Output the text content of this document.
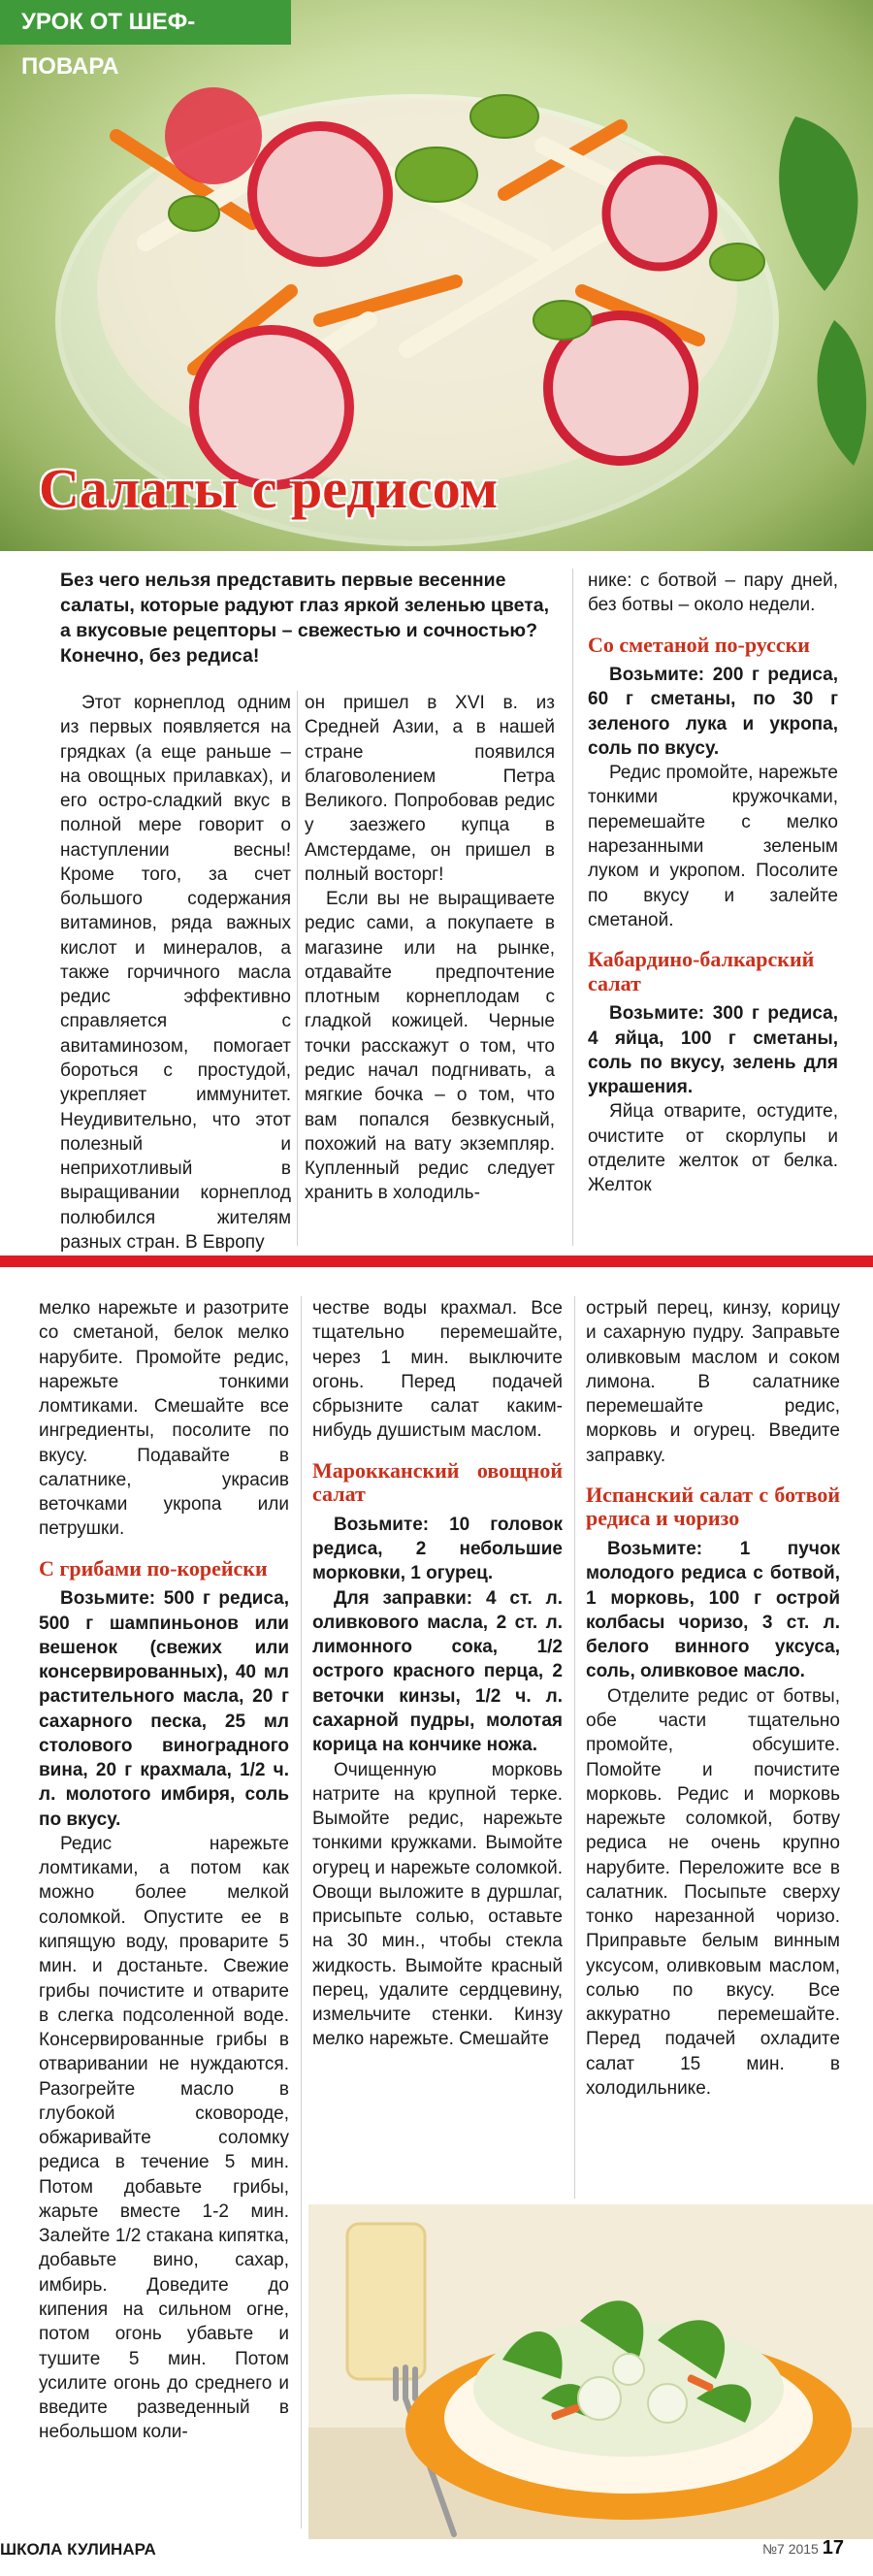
УРОК ОТ ШЕФ-ПОВАРА
Салаты с редисом
Без чего нельзя представить первые весенние салаты, которые радуют глаз яркой зеленью цвета, а вкусовые рецепторы – свежестью и сочностью? Конечно, без редиса!

Этот корнеплод одним из первых появляется на грядках (а еще раньше – на овощных прилавках), и его остро-сладкий вкус в полной мере говорит о наступлении весны! Кроме того, за счет большого содержания витаминов, ряда важных кислот и минералов, а также горчичного масла редис эффективно справляется с авитаминозом, помогает бороться с простудой, укрепляет иммунитет. Неудивительно, что этот полезный и неприхотливый в выращивании корнеплод полюбился жителям разных стран. В Европу

он пришел в XVI в. из Средней Азии, а в нашей стране появился благоволением Петра Великого. Попробовав редис у заезжего купца в Амстердаме, он пришел в полный восторг!

Если вы не выращиваете редис сами, а покупаете в магазине или на рынке, отдавайте предпочтение плотным корнеплодам с гладкой кожицей. Черные точки расскажут о том, что редис начал подгнивать, а мягкие бочка – о том, что вам попался безвкусный, похожий на вату экземпляр. Купленный редис следует хранить в холодиль-

нике: с ботвой – пару дней, без ботвы – около недели.

Со сметаной по-русски

Возьмите: 200 г редиса, 60 г сметаны, по 30 г зеленого лука и укропа, соль по вкусу.

Редис промойте, нарежьте тонкими кружочками, перемешайте с мелко нарезанными зеленым луком и укропом. Посолите по вкусу и залейте сметаной.

Кабардино-балкарский салат

Возьмите: 300 г редиса, 4 яйца, 100 г сметаны, соль по вкусу, зелень для украшения.

Яйца отварите, остудите, очистите от скорлупы и отделите желток от белка. Желток

мелко нарежьте и разотрите со сметаной, белок мелко нарубите. Промойте редис, нарежьте тонкими ломтиками. Смешайте все ингредиенты, посолите по вкусу. Подавайте в салатнике, украсив веточками укропа или петрушки.

С грибами по-корейски

Возьмите: 500 г редиса, 500 г шампиньонов или вешенок (свежих или консервированных), 40 мл растительного масла, 20 г сахарного песка, 25 мл столового виноградного вина, 20 г крахмала, 1/2 ч. л. молотого имбиря, соль по вкусу.

Редис нарежьте ломтиками, а потом как можно более мелкой соломкой. Опустите ее в кипящую воду, проварите 5 мин. и достаньте. Свежие грибы почистите и отварите в слегка подсоленной воде. Консервированные грибы в отваривании не нуждаются. Разогрейте масло в глубокой сковороде, обжаривайте соломку редиса в течение 5 мин. Потом добавьте грибы, жарьте вместе 1-2 мин. Залейте 1/2 стакана кипятка, добавьте вино, сахар, имбирь. Доведите до кипения на сильном огне, потом огонь убавьте и тушите 5 мин. Потом усилите огонь до среднего и введите разведенный в небольшом коли-

честве воды крахмал. Все тщательно перемешайте, через 1 мин. выключите огонь. Перед подачей сбрызните салат каким-нибудь душистым маслом.

Марокканский овощной салат

Возьмите: 10 головок редиса, 2 небольшие морковки, 1 огурец.

Для заправки: 4 ст. л. оливкового масла, 2 ст. л. лимонного сока, 1/2 острого красного перца, 2 веточки кинзы, 1/2 ч. л. сахарной пудры, молотая корица на кончике ножа.

Очищенную морковь натрите на крупной терке. Вымойте редис, нарежьте тонкими кружками. Вымойте огурец и нарежьте соломкой. Овощи выложите в дуршлаг, присыпьте солью, оставьте на 30 мин., чтобы стекла жидкость. Вымойте красный перец, удалите сердцевину, измельчите стенки. Кинзу мелко нарежьте. Смешайте

острый перец, кинзу, корицу и сахарную пудру. Заправьте оливковым маслом и соком лимона. В салатнике перемешайте редис, морковь и огурец. Введите заправку.

Испанский салат с ботвой редиса и чоризо

Возьмите: 1 пучок молодого редиса с ботвой, 1 морковь, 100 г острой колбасы чоризо, 3 ст. л. белого винного уксуса, соль, оливковое масло.

Отделите редис от ботвы, обе части тщательно промойте, обсушите. Помойте и почистите морковь. Редис и морковь нарежьте соломкой, ботву редиса не очень крупно нарубите. Переложите все в салатник. Посыпьте сверху тонко нарезанной чоризо. Приправьте белым винным уксусом, оливковым маслом, солью по вкусу. Все аккуратно перемешайте. Перед подачей охладите салат 15 мин. в холодильнике.

ШКОЛА КУЛИНАРА	№7 2015 17
